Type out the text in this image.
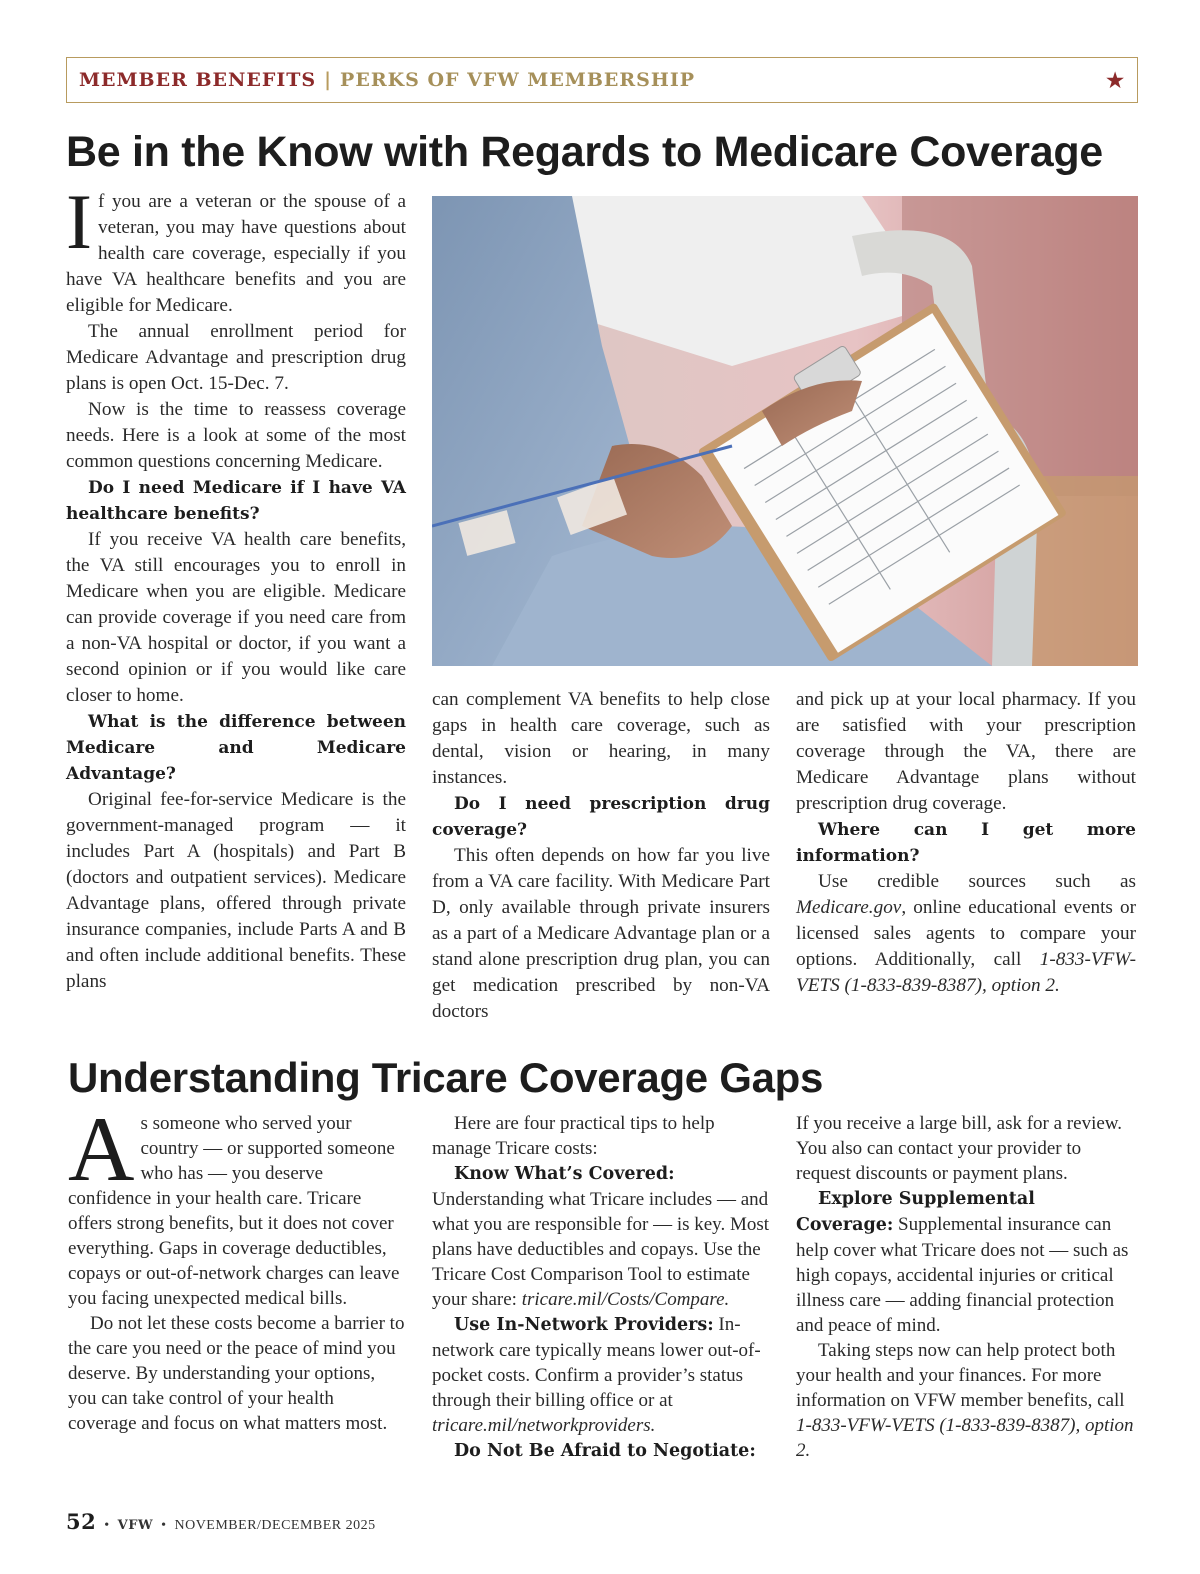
MEMBER BENEFITS | PERKS OF VFW MEMBERSHIP	★
Be in the Know with Regards to Medicare Coverage

If you are a veteran or the spouse of a veteran, you may have questions about health care coverage, especially if you have VA healthcare benefits and you are eligible for Medicare.

The annual enrollment period for Medicare Advantage and prescription drug plans is open Oct. 15-Dec. 7.

Now is the time to reassess coverage needs. Here is a look at some of the most common questions concerning Medicare.

Do I need Medicare if I have VA healthcare benefits?

If you receive VA health care benefits, the VA still encourages you to enroll in Medicare when you are eligible. Medicare can provide coverage if you need care from a non-VA hospital or doctor, if you want a second opinion or if you would like care closer to home.

What is the difference between Medicare and Medicare Advantage?

Original fee-for-service Medicare is the government-managed program — it includes Part A (hospitals) and Part B (doctors and outpatient services). Medicare Advantage plans, offered through private insurance companies, include Parts A and B and often include additional benefits. These plans

can complement VA benefits to help close gaps in health care coverage, such as dental, vision or hearing, in many instances.

Do I need prescription drug coverage?

This often depends on how far you live from a VA care facility. With Medicare Part D, only available through private insurers as a part of a Medicare Advantage plan or a stand alone prescription drug plan, you can get medication prescribed by non-VA doctors

and pick up at your local pharmacy. If you are satisfied with your prescription coverage through the VA, there are Medicare Advantage plans without prescription drug coverage.

Where can I get more information?

Use credible sources such as Medicare.gov, online educational events or licensed sales agents to compare your options. Additionally, call 1-833-VFW-VETS (1-833-839-8387), option 2.

Understanding Tricare Coverage Gaps

As someone who served your country — or supported someone who has — you deserve confidence in your health care. Tricare offers strong benefits, but it does not cover everything. Gaps in coverage deductibles, copays or out-of-network charges can leave you facing unexpected medical bills.

Do not let these costs become a barrier to the care you need or the peace of mind you deserve. By understanding your options, you can take control of your health coverage and focus on what matters most.

Here are four practical tips to help manage Tricare costs:

Know What’s Covered: Understanding what Tricare includes — and what you are responsible for — is key. Most plans have deductibles and copays. Use the Tricare Cost Comparison Tool to estimate your share: tricare.mil/Costs/Compare.

Use In-Network Providers: In-network care typically means lower out-of-pocket costs. Confirm a provider’s status through their billing office or at tricare.mil/networkproviders.

Do Not Be Afraid to Negotiate:

If you receive a large bill, ask for a review. You also can contact your provider to request discounts or payment plans.

Explore Supplemental Coverage: Supplemental insurance can help cover what Tricare does not — such as high copays, accidental injuries or critical illness care — adding financial protection and peace of mind.

Taking steps now can help protect both your health and your finances. For more information on VFW member benefits, call 1-833-VFW-VETS (1-833-839-8387), option 2.

52 • VFW • NOVEMBER/DECEMBER 2025
